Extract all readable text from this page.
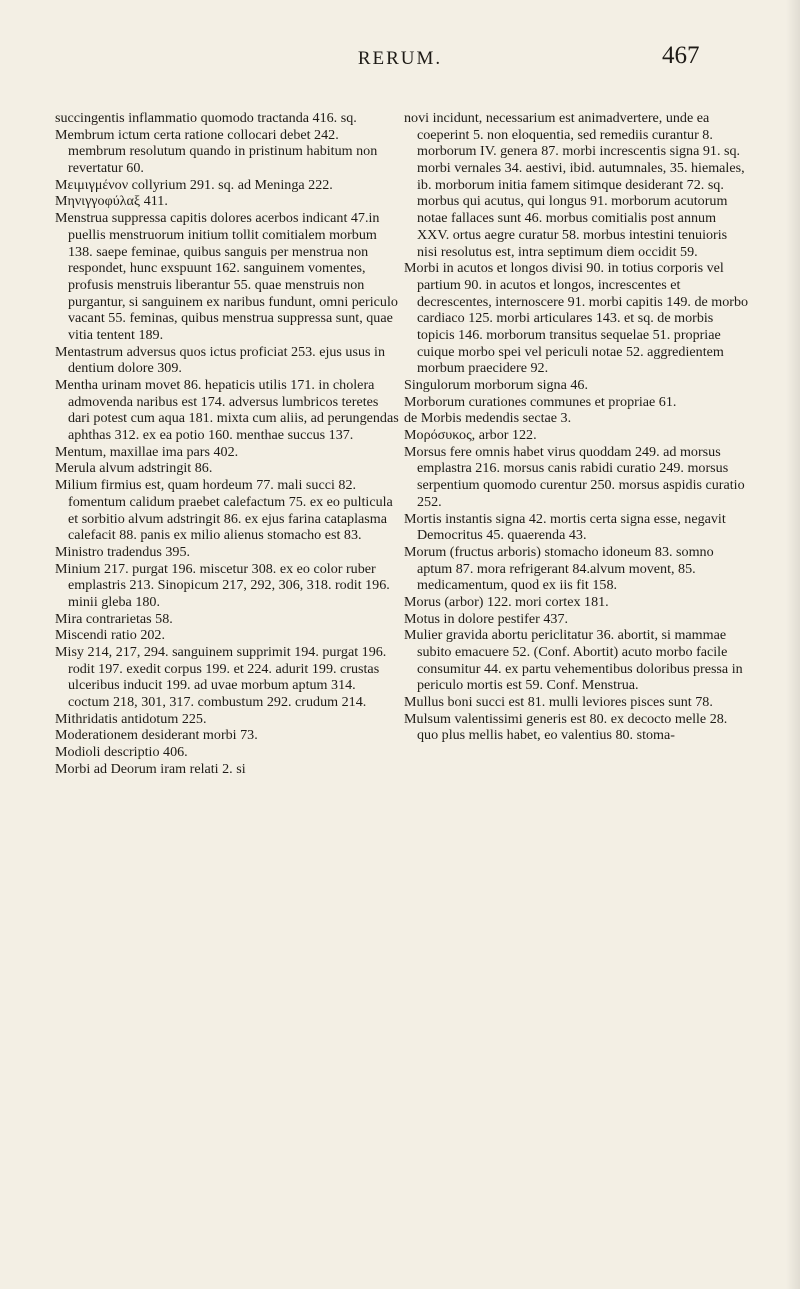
RERUM.	467

succingentis inflammatio quomodo tractanda 416. sq.

Membrum ictum certa ratione collocari debet 242. membrum resolutum quando in pristinum habitum non revertatur 60.

Μειμιγμένον collyrium 291. sq. ad Meninga 222.

Μηνιγγοφύλαξ 411.

Menstrua suppressa capitis dolores acerbos indicant 47.in puellis menstruorum initium tollit comitialem morbum 138. saepe feminae, quibus sanguis per menstrua non respondet, hunc exspuunt 162. sanguinem vomentes, profusis menstruis liberantur 55. quae menstruis non purgantur, si sanguinem ex naribus fundunt, omni periculo vacant 55. feminas, quibus menstrua suppressa sunt, quae vitia tentent 189.

Mentastrum adversus quos ictus proficiat 253. ejus usus in dentium dolore 309.

Mentha urinam movet 86. hepaticis utilis 171. in cholera admovenda naribus est 174. adversus lumbricos teretes dari potest cum aqua 181. mixta cum aliis, ad perungendas aphthas 312. ex ea potio 160. menthae succus 137.

Mentum, maxillae ima pars 402.

Merula alvum adstringit 86.

Milium firmius est, quam hordeum 77. mali succi 82. fomentum calidum praebet calefactum 75. ex eo pulticula et sorbitio alvum adstringit 86. ex ejus farina cataplasma calefacit 88. panis ex milio alienus stomacho est 83.

Ministro tradendus 395.

Minium 217. purgat 196. miscetur 308. ex eo color ruber emplastris 213. Sinopicum 217, 292, 306, 318. rodit 196. minii gleba 180.

Mira contrarietas 58.

Miscendi ratio 202.

Misy 214, 217, 294. sanguinem supprimit 194. purgat 196. rodit 197. exedit corpus 199. et 224. adurit 199. crustas ulceribus inducit 199. ad uvae morbum aptum 314. coctum 218, 301, 317. combustum 292. crudum 214.

Mithridatis antidotum 225.

Moderationem desiderant morbi 73.

Modioli descriptio 406.

Morbi ad Deorum iram relati 2. si

novi incidunt, necessarium est animadvertere, unde ea coeperint 5. non eloquentia, sed remediis curantur 8. morborum IV. genera 87. morbi increscentis signa 91. sq. morbi vernales 34. aestivi, ibid. autumnales, 35. hiemales, ib. morborum initia famem sitimque desiderant 72. sq. morbus qui acutus, qui longus 91. morborum acutorum notae fallaces sunt 46. morbus comitialis post annum XXV. ortus aegre curatur 58. morbus intestini tenuioris nisi resolutus est, intra septimum diem occidit 59.

Morbi in acutos et longos divisi 90. in totius corporis vel partium 90. in acutos et longos, increscentes et decrescentes, internoscere 91. morbi capitis 149. de morbo cardiaco 125. morbi articulares 143. et sq. de morbis topicis 146. morborum transitus sequelae 51. propriae cuique morbo spei vel periculi notae 52. aggredientem morbum praecidere 92.

Singulorum morborum signa 46.

Morborum curationes communes et propriae 61.

de Morbis medendis sectae 3.

Μορόσυκος, arbor 122.

Morsus fere omnis habet virus quoddam 249. ad morsus emplastra 216. morsus canis rabidi curatio 249. morsus serpentium quomodo curentur 250. morsus aspidis curatio 252.

Mortis instantis signa 42. mortis certa signa esse, negavit Democritus 45. quaerenda 43.

Morum (fructus arboris) stomacho idoneum 83. somno aptum 87. mora refrigerant 84.alvum movent, 85. medicamentum, quod ex iis fit 158.

Morus (arbor) 122. mori cortex 181.

Motus in dolore pestifer 437.

Mulier gravida abortu periclitatur 36. abortit, si mammae subito emacuere 52. (Conf. Abortit) acuto morbo facile consumitur 44. ex partu vehementibus doloribus pressa in periculo mortis est 59. Conf. Menstrua.

Mullus boni succi est 81. mulli leviores pisces sunt 78.

Mulsum valentissimi generis est 80. ex decocto melle 28. quo plus mellis habet, eo valentius 80. stoma-
